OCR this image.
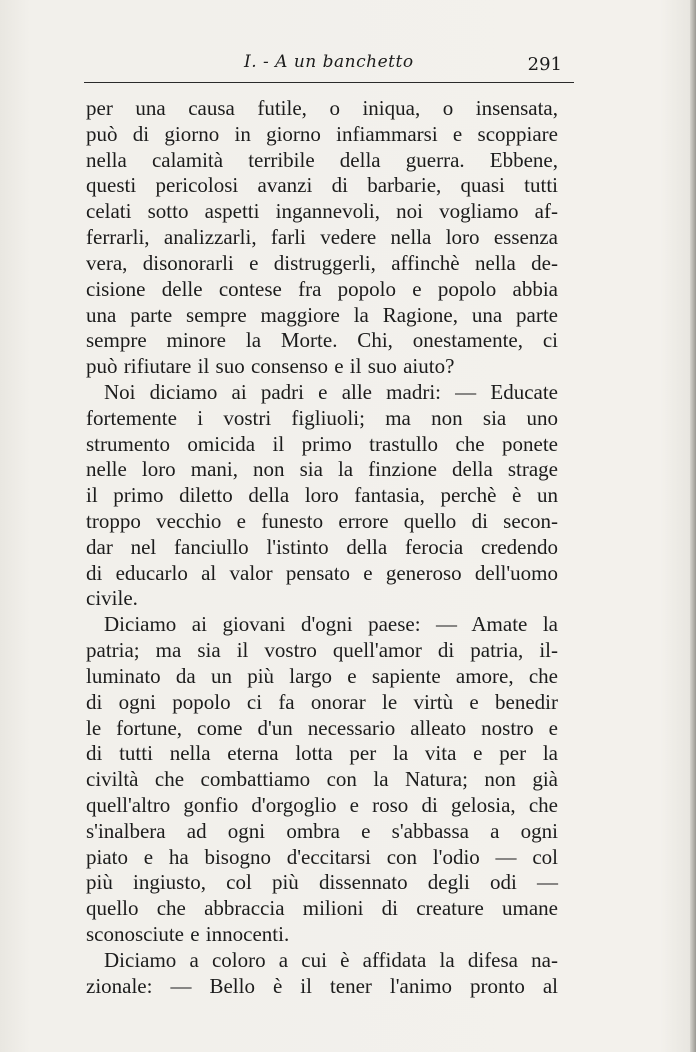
I. - A un banchetto	291
per una causa futile, o iniqua, o insensata,
può di giorno in giorno infiammarsi e scoppiare
nella calamità terribile della guerra. Ebbene,
questi pericolosi avanzi di barbarie, quasi tutti
celati sotto aspetti ingannevoli, noi vogliamo af-
ferrarli, analizzarli, farli vedere nella loro essenza
vera, disonorarli e distruggerli, affinchè nella de-
cisione delle contese fra popolo e popolo abbia
una parte sempre maggiore la Ragione, una parte
sempre minore la Morte. Chi, onestamente, ci
può rifiutare il suo consenso e il suo aiuto?
Noi diciamo ai padri e alle madri: — Educate
fortemente i vostri figliuoli; ma non sia uno
strumento omicida il primo trastullo che ponete
nelle loro mani, non sia la finzione della strage
il primo diletto della loro fantasia, perchè è un
troppo vecchio e funesto errore quello di secon-
dar nel fanciullo l'istinto della ferocia credendo
di educarlo al valor pensato e generoso dell'uomo
civile.
Diciamo ai giovani d'ogni paese: — Amate la
patria; ma sia il vostro quell'amor di patria, il-
luminato da un più largo e sapiente amore, che
di ogni popolo ci fa onorar le virtù e benedir
le fortune, come d'un necessario alleato nostro e
di tutti nella eterna lotta per la vita e per la
civiltà che combattiamo con la Natura; non già
quell'altro gonfio d'orgoglio e roso di gelosia, che
s'inalbera ad ogni ombra e s'abbassa a ogni
piato e ha bisogno d'eccitarsi con l'odio — col
più ingiusto, col più dissennato degli odi —
quello che abbraccia milioni di creature umane
sconosciute e innocenti.
Diciamo a coloro a cui è affidata la difesa na-
zionale: — Bello è il tener l'animo pronto al
